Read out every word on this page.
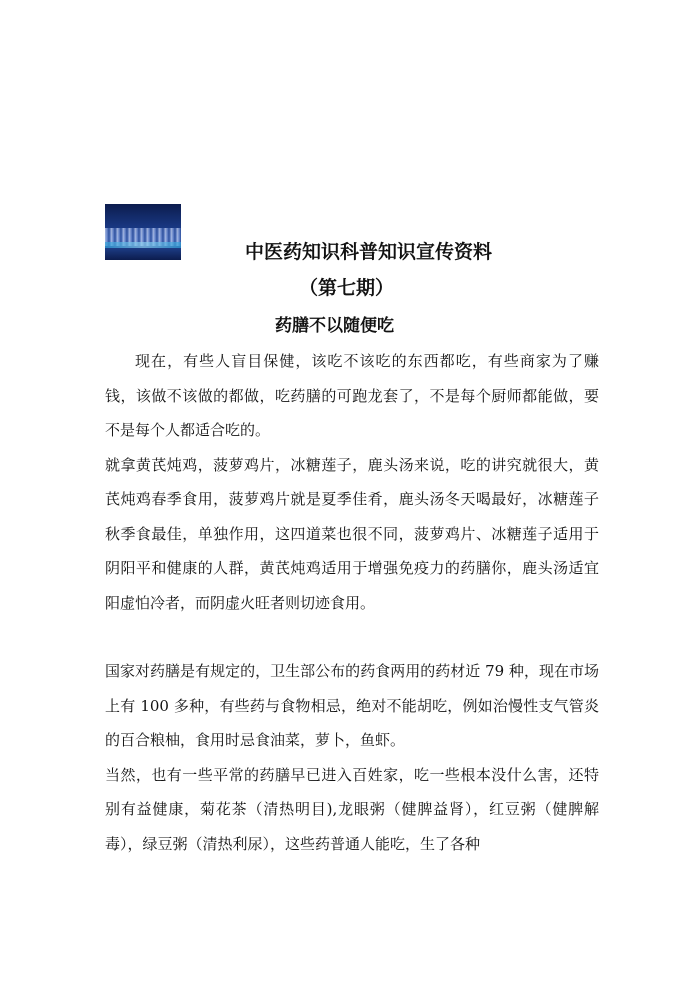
中医药知识科普知识宣传资料
（第七期）
药膳不以随便吃

现在，有些人盲目保健，该吃不该吃的东西都吃，有些商家为了赚钱，该做不该做的都做，吃药膳的可跑龙套了，不是每个厨师都能做，要不是每个人都适合吃的。

就拿黄芪炖鸡，菠萝鸡片，冰糖莲子，鹿头汤来说，吃的讲究就很大，黄芪炖鸡春季食用，菠萝鸡片就是夏季佳肴，鹿头汤冬天喝最好，冰糖莲子秋季食最佳，单独作用，这四道菜也很不同，菠萝鸡片、冰糖莲子适用于阴阳平和健康的人群，黄芪炖鸡适用于增强免疫力的药膳你，鹿头汤适宜阳虚怕冷者，而阴虚火旺者则切迹食用。

国家对药膳是有规定的，卫生部公布的药食两用的药材近 79 种，现在市场上有 100 多种，有些药与食物相忌，绝对不能胡吃，例如治慢性支气管炎的百合粮柚，食用时忌食油菜，萝卜，鱼虾。

当然，也有一些平常的药膳早已进入百姓家，吃一些根本没什么害，还特别有益健康，菊花茶（清热明目),龙眼粥（健脾益肾），红豆粥（健脾解毒），绿豆粥（清热利尿），这些药普通人能吃，生了各种
